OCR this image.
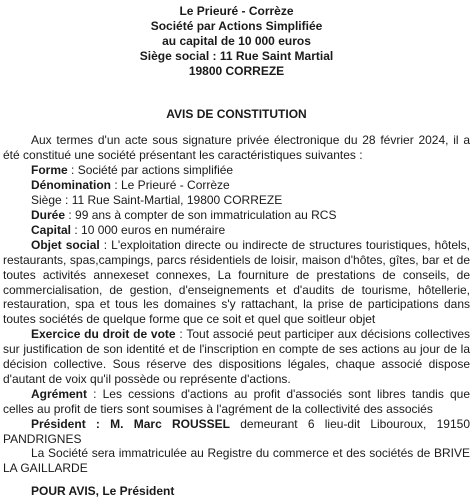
Le Prieuré - Corrèze
Société par Actions Simplifiée
au capital de 10 000 euros
Siège social : 11 Rue Saint Martial
19800 CORREZE
AVIS DE CONSTITUTION

Aux termes d'un acte sous signature privée électronique du 28 février 2024, il a été constitué une société présentant les caractéristiques suivantes :

Forme : Société par actions simplifiée
Dénomination : Le Prieuré - Corrèze
Siège : 11 Rue Saint-Martial, 19800 CORREZE
Durée : 99 ans à compter de son immatriculation au RCS
Capital : 10 000 euros en numéraire

Objet social : L'exploitation directe ou indirecte de structures touristiques, hôtels, restaurants, spas,campings, parcs résidentiels de loisir, maison d'hôtes, gîtes, bar et de toutes activités annexeset connexes, La fourniture de prestations de conseils, de commercialisation, de gestion, d'enseignements et d'audits de tourisme, hôtellerie, restauration, spa et tous les domaines s'y rattachant, la prise de participations dans toutes sociétés de quelque forme que ce soit et quel que soitleur objet

Exercice du droit de vote : Tout associé peut participer aux décisions collectives sur justification de son identité et de l'inscription en compte de ses actions au jour de la décision collective. Sous réserve des dispositions légales, chaque associé dispose d'autant de voix qu'il possède ou représente d'actions.

Agrément : Les cessions d'actions au profit d'associés sont libres tandis que celles au profit de tiers sont soumises à l'agrément de la collectivité des associés

Président : M. Marc ROUSSEL demeurant 6 lieu-dit Libouroux, 19150 PANDRIGNES

La Société sera immatriculée au Registre du commerce et des sociétés de BRIVE LA GAILLARDE

POUR AVIS, Le Président
